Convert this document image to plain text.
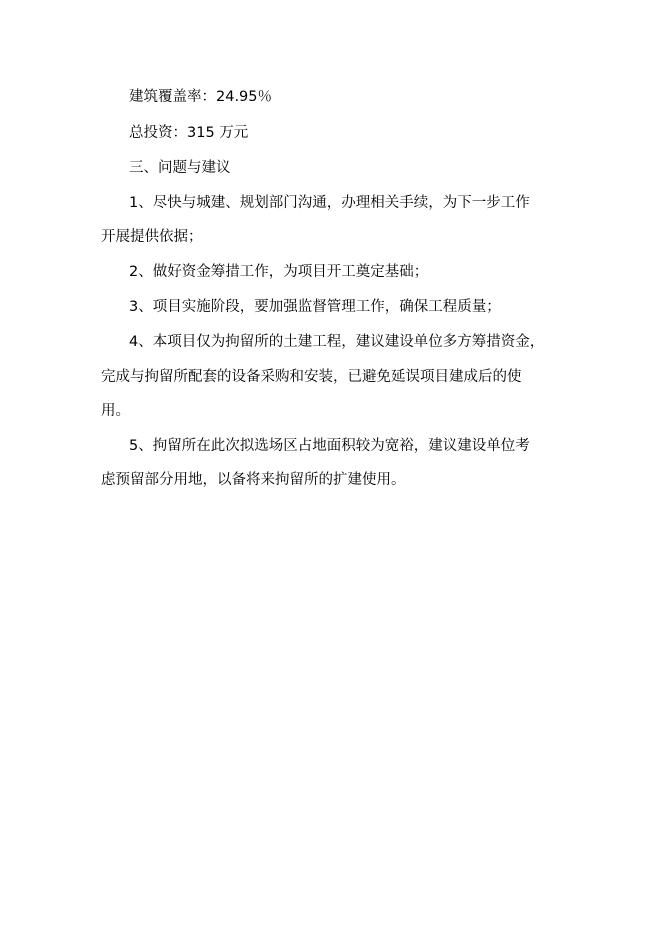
建筑覆盖率：24.95％
总投资：315 万元
三、问题与建议
1、尽快与城建、规划部门沟通，办理相关手续，为下一步工作
开展提供依据；
2、做好资金筹措工作，为项目开工奠定基础；
3、项目实施阶段，要加强监督管理工作，确保工程质量；
4、本项目仅为拘留所的土建工程，建议建设单位多方筹措资金，
完成与拘留所配套的设备采购和安装，已避免延误项目建成后的使
用。
5、拘留所在此次拟选场区占地面积较为宽裕，建议建设单位考
虑预留部分用地，以备将来拘留所的扩建使用。
